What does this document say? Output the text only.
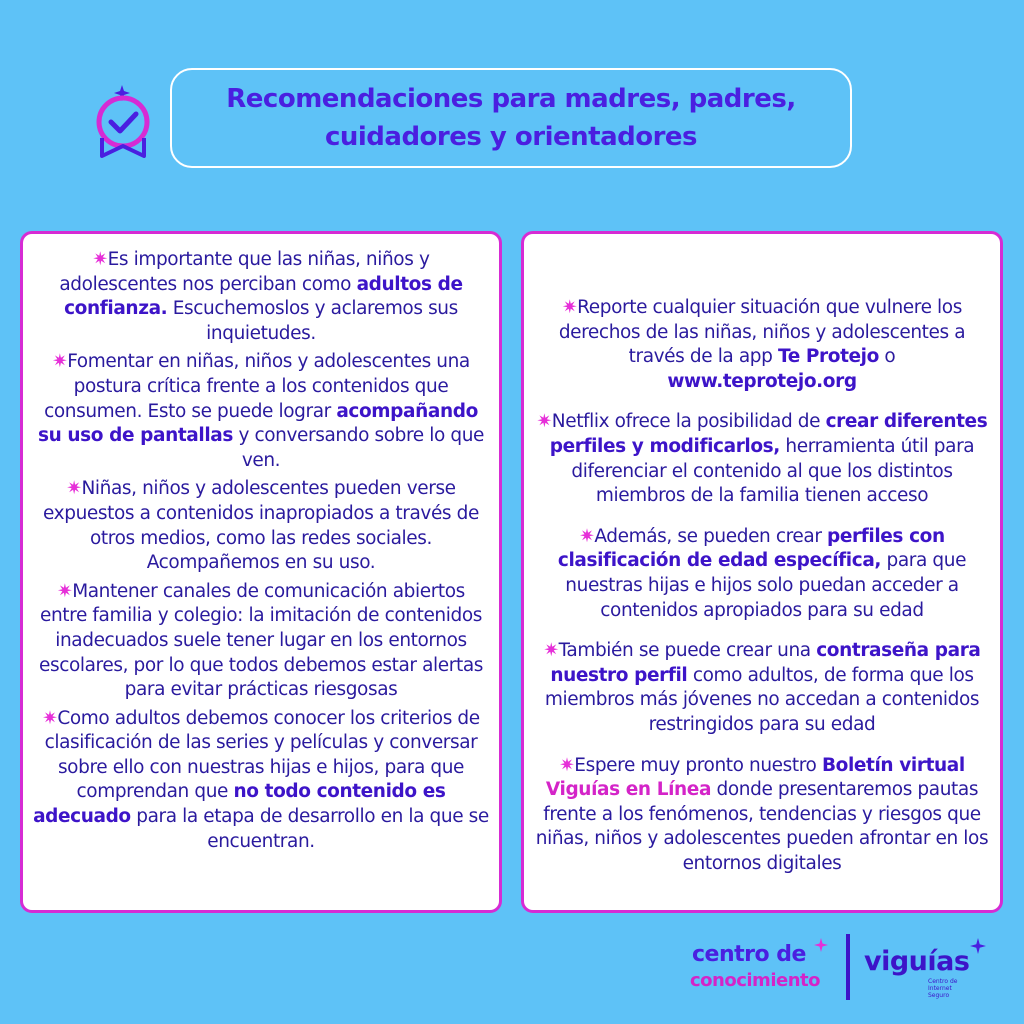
Recomendaciones para madres, padres,
cuidadores y orientadores
✷Es importante que las niñas, niños y adolescentes nos perciban como adultos de confianza. Escuchemoslos y aclaremos sus inquietudes.
✷Fomentar en niñas, niños y adolescentes una postura crítica frente a los contenidos que consumen. Esto se puede lograr acompañando su uso de pantallas y conversando sobre lo que ven.
✷Niñas, niños y adolescentes pueden verse expuestos a contenidos inapropiados a través de otros medios, como las redes sociales. Acompañemos en su uso.
✷Mantener canales de comunicación abiertos entre familia y colegio: la imitación de contenidos inadecuados suele tener lugar en los entornos escolares, por lo que todos debemos estar alertas para evitar prácticas riesgosas
✷Como adultos debemos conocer los criterios de clasificación de las series y películas y conversar sobre ello con nuestras hijas e hijos, para que comprendan que no todo contenido es adecuado para la etapa de desarrollo en la que se encuentran.
✷Reporte cualquier situación que vulnere los derechos de las niñas, niños y adolescentes a través de la app Te Protejo o www.teprotejo.org
✷Netflix ofrece la posibilidad de crear diferentes perfiles y modificarlos, herramienta útil para diferenciar el contenido al que los distintos miembros de la familia tienen acceso
✷Además, se pueden crear perfiles con clasificación de edad específica, para que nuestras hijas e hijos solo puedan acceder a contenidos apropiados para su edad
✷También se puede crear una contraseña para nuestro perfil como adultos, de forma que los miembros más jóvenes no accedan a contenidos restringidos para su edad
✷Espere muy pronto nuestro Boletín virtual Viguías en Línea donde presentaremos pautas frente a los fenómenos, tendencias y riesgos que niñas, niños y adolescentes pueden afrontar en los entornos digitales
centro de
conocimiento
viguías
Centro de Internet Seguro
